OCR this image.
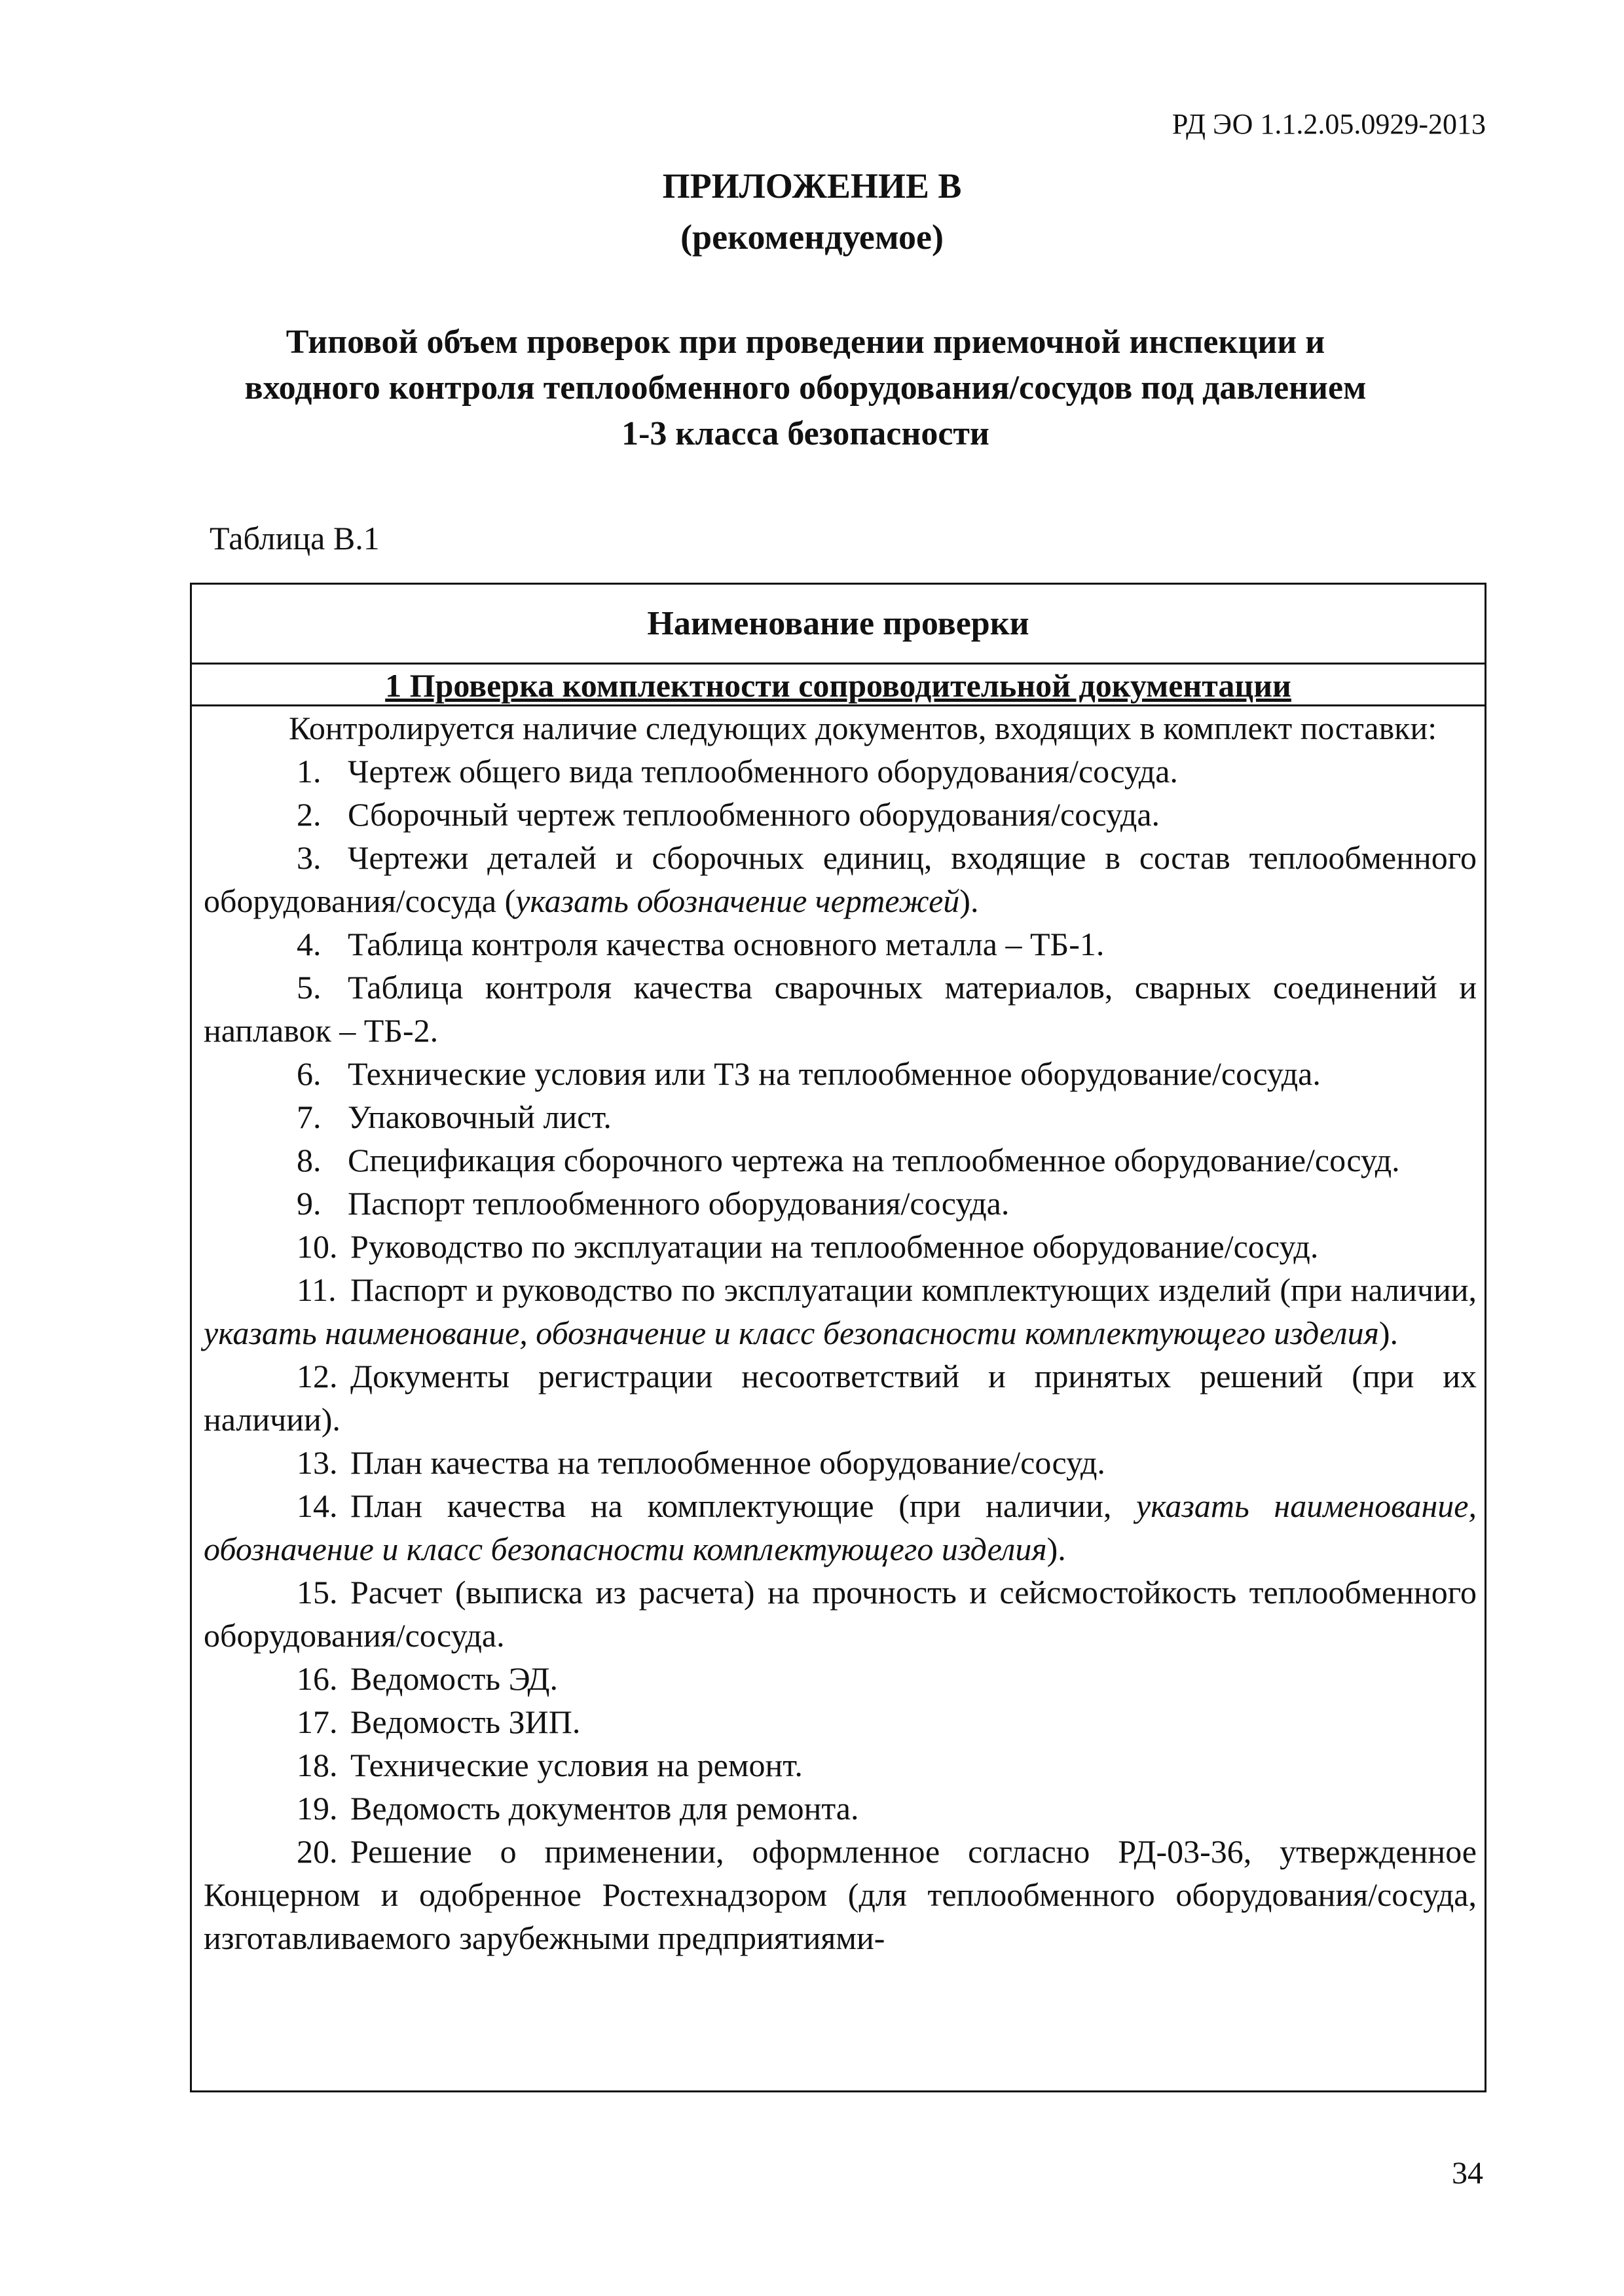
РД ЭО 1.1.2.05.0929-2013
ПРИЛОЖЕНИЕ В
(рекомендуемое)
Типовой объем проверок при проведении приемочной инспекции и
входного контроля теплообменного оборудования/сосудов под давлением
1-3 класса безопасности
Таблица В.1
Наименование проверки
1 Проверка комплектности сопроводительной документации

Контролируется наличие следующих документов, входящих в комплект поставки:

1. Чертеж общего вида теплообменного оборудования/сосуда.
2. Сборочный чертеж теплообменного оборудования/сосуда.
3. Чертежи деталей и сборочных единиц, входящие в состав теплообменного оборудования/сосуда (указать обозначение чертежей).
4. Таблица контроля качества основного металла – ТБ-1.
5. Таблица контроля качества сварочных материалов, сварных соединений и наплавок – ТБ-2.
6. Технические условия или ТЗ на теплообменное оборудование/сосуда.
7. Упаковочный лист.
8. Спецификация сборочного чертежа на теплообменное оборудование/сосуд.
9. Паспорт теплообменного оборудования/сосуда.
10. Руководство по эксплуатации на теплообменное оборудование/сосуд.
11. Паспорт и руководство по эксплуатации комплектующих изделий (при наличии, указать наименование, обозначение и класс безопасности комплектующего изделия).
12. Документы регистрации несоответствий и принятых решений (при их наличии).
13. План качества на теплообменное оборудование/сосуд.
14. План качества на комплектующие (при наличии, указать наименование, обозначение и класс безопасности комплектующего изделия).
15. Расчет (выписка из расчета) на прочность и сейсмостойкость теплообменного оборудования/сосуда.
16. Ведомость ЭД.
17. Ведомость ЗИП.
18. Технические условия на ремонт.
19. Ведомость документов для ремонта.
20. Решение о применении, оформленное согласно РД-03-36, утвержденное Концерном и одобренное Ростехнадзором (для теплообменного оборудования/сосуда, изготавливаемого зарубежными предприятиями-
34
